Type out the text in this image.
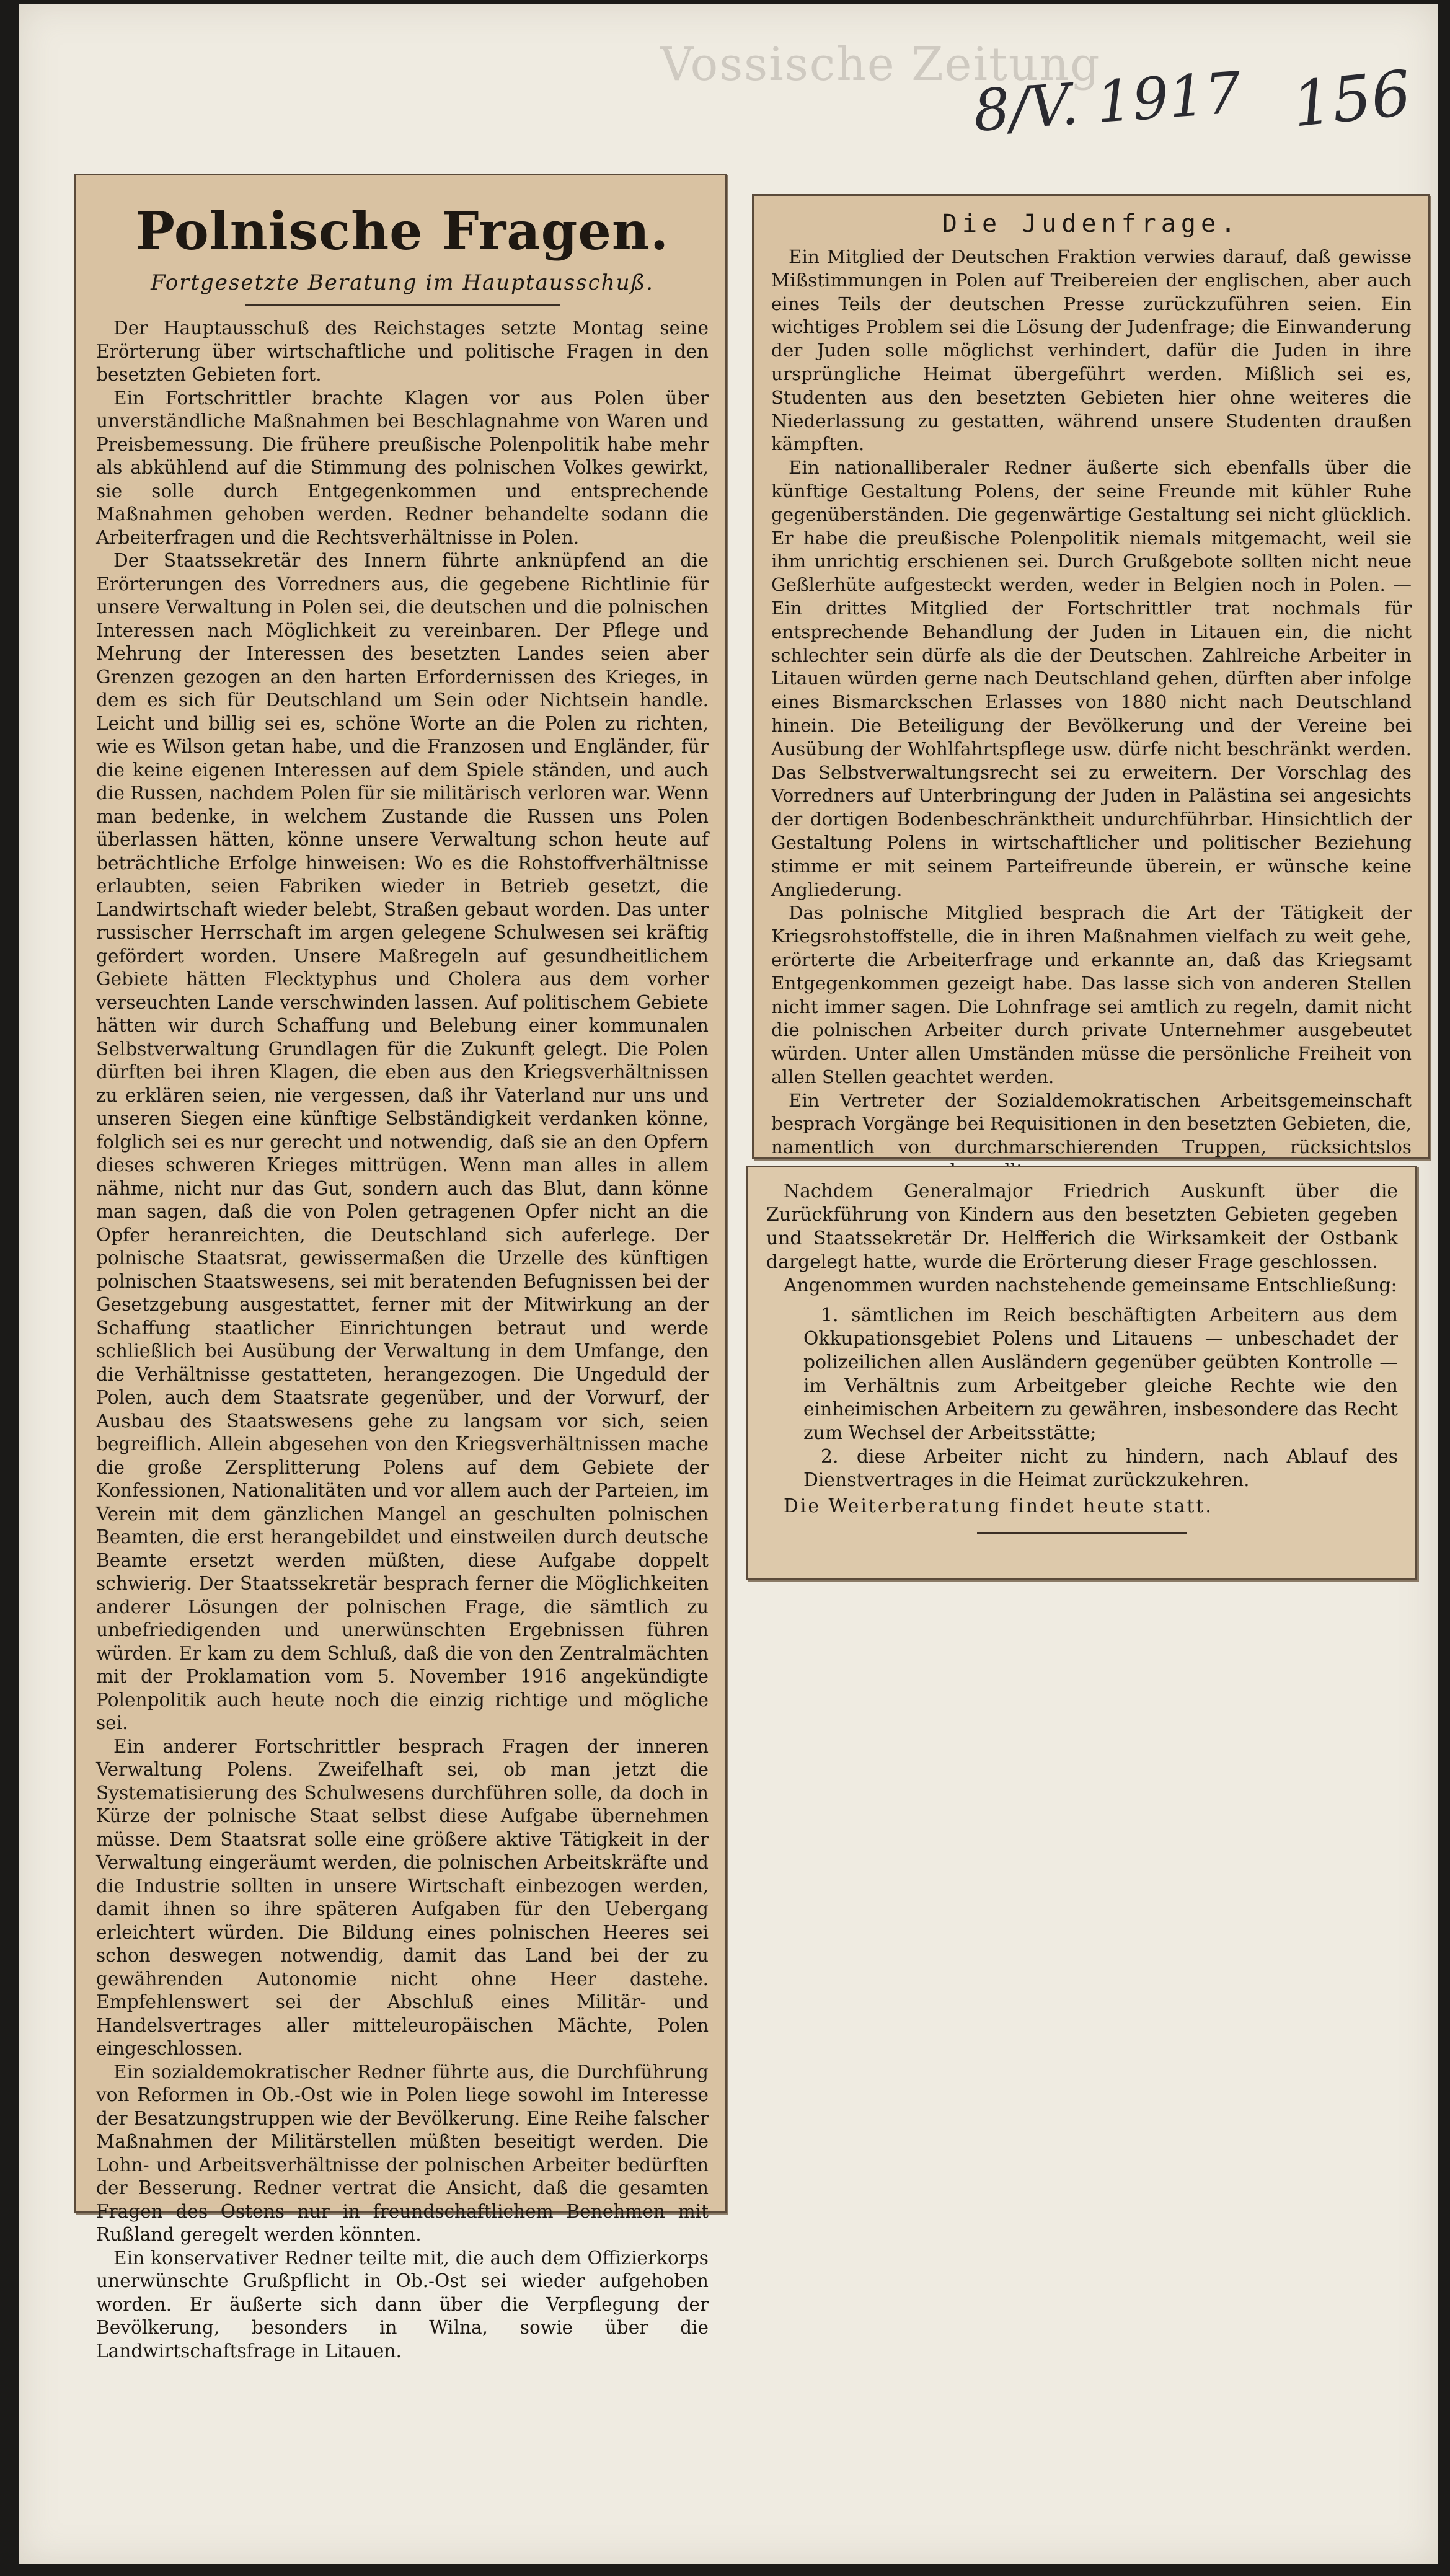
Vossische Zeitung
8/V. 1917 156
Polnische Fragen.
Fortgesetzte Beratung im Hauptausschuß.

Der Hauptausschuß des Reichstages setzte Montag seine Erörterung über wirtschaftliche und politische Fragen in den besetzten Gebieten fort.

Ein Fortschrittler brachte Klagen vor aus Polen über unverständliche Maßnahmen bei Beschlagnahme von Waren und Preisbemessung. Die frühere preußische Polenpolitik habe mehr als abkühlend auf die Stimmung des polnischen Volkes gewirkt, sie solle durch Entgegenkommen und entsprechende Maßnahmen gehoben werden. Redner behandelte sodann die Arbeiterfragen und die Rechtsverhältnisse in Polen.

Der Staatssekretär des Innern führte anknüpfend an die Erörterungen des Vorredners aus, die gegebene Richtlinie für unsere Verwaltung in Polen sei, die deutschen und die polnischen Interessen nach Möglichkeit zu vereinbaren. Der Pflege und Mehrung der Interessen des besetzten Landes seien aber Grenzen gezogen an den harten Erfordernissen des Krieges, in dem es sich für Deutschland um Sein oder Nichtsein handle. Leicht und billig sei es, schöne Worte an die Polen zu richten, wie es Wilson getan habe, und die Franzosen und Engländer, für die keine eigenen Interessen auf dem Spiele ständen, und auch die Russen, nachdem Polen für sie militärisch verloren war. Wenn man bedenke, in welchem Zustande die Russen uns Polen überlassen hätten, könne unsere Verwaltung schon heute auf beträchtliche Erfolge hinweisen: Wo es die Rohstoffverhältnisse erlaubten, seien Fabriken wieder in Betrieb gesetzt, die Landwirtschaft wieder belebt, Straßen gebaut worden. Das unter russischer Herrschaft im argen gelegene Schulwesen sei kräftig gefördert worden. Unsere Maßregeln auf gesundheitlichem Gebiete hätten Flecktyphus und Cholera aus dem vorher verseuchten Lande verschwinden lassen. Auf politischem Gebiete hätten wir durch Schaffung und Belebung einer kommunalen Selbstverwaltung Grundlagen für die Zukunft gelegt. Die Polen dürften bei ihren Klagen, die eben aus den Kriegsverhältnissen zu erklären seien, nie vergessen, daß ihr Vaterland nur uns und unseren Siegen eine künftige Selbständigkeit verdanken könne, folglich sei es nur gerecht und notwendig, daß sie an den Opfern dieses schweren Krieges mittrügen. Wenn man alles in allem nähme, nicht nur das Gut, sondern auch das Blut, dann könne man sagen, daß die von Polen getragenen Opfer nicht an die Opfer heranreichten, die Deutschland sich auferlege. Der polnische Staatsrat, gewissermaßen die Urzelle des künftigen polnischen Staatswesens, sei mit beratenden Befugnissen bei der Gesetzgebung ausgestattet, ferner mit der Mitwirkung an der Schaffung staatlicher Einrichtungen betraut und werde schließlich bei Ausübung der Verwaltung in dem Umfange, den die Verhältnisse gestatteten, herangezogen. Die Ungeduld der Polen, auch dem Staatsrate gegenüber, und der Vorwurf, der Ausbau des Staatswesens gehe zu langsam vor sich, seien begreiflich. Allein abgesehen von den Kriegsverhältnissen mache die große Zersplitterung Polens auf dem Gebiete der Konfessionen, Nationalitäten und vor allem auch der Parteien, im Verein mit dem gänzlichen Mangel an geschulten polnischen Beamten, die erst herangebildet und einstweilen durch deutsche Beamte ersetzt werden müßten, diese Aufgabe doppelt schwierig. Der Staatssekretär besprach ferner die Möglichkeiten anderer Lösungen der polnischen Frage, die sämtlich zu unbefriedigenden und unerwünschten Ergebnissen führen würden. Er kam zu dem Schluß, daß die von den Zentralmächten mit der Proklamation vom 5. November 1916 angekündigte Polenpolitik auch heute noch die einzig richtige und mögliche sei.

Ein anderer Fortschrittler besprach Fragen der inneren Verwaltung Polens. Zweifelhaft sei, ob man jetzt die Systematisierung des Schulwesens durchführen solle, da doch in Kürze der polnische Staat selbst diese Aufgabe übernehmen müsse. Dem Staatsrat solle eine größere aktive Tätigkeit in der Verwaltung eingeräumt werden, die polnischen Arbeitskräfte und die Industrie sollten in unsere Wirtschaft einbezogen werden, damit ihnen so ihre späteren Aufgaben für den Uebergang erleichtert würden. Die Bildung eines polnischen Heeres sei schon deswegen notwendig, damit das Land bei der zu gewährenden Autonomie nicht ohne Heer dastehe. Empfehlenswert sei der Abschluß eines Militär- und Handelsvertrages aller mitteleuropäischen Mächte, Polen eingeschlossen.

Ein sozialdemokratischer Redner führte aus, die Durchführung von Reformen in Ob.-Ost wie in Polen liege sowohl im Interesse der Besatzungstruppen wie der Bevölkerung. Eine Reihe falscher Maßnahmen der Militärstellen müßten beseitigt werden. Die Lohn- und Arbeitsverhältnisse der polnischen Arbeiter bedürften der Besserung. Redner vertrat die Ansicht, daß die gesamten Fragen des Ostens nur in freundschaftlichem Benehmen mit Rußland geregelt werden könnten.

Ein konservativer Redner teilte mit, die auch dem Offizierkorps unerwünschte Grußpflicht in Ob.-Ost sei wieder aufgehoben worden. Er äußerte sich dann über die Verpflegung der Bevölkerung, besonders in Wilna, sowie über die Landwirtschaftsfrage in Litauen.

Die Judenfrage.

Ein Mitglied der Deutschen Fraktion verwies darauf, daß gewisse Mißstimmungen in Polen auf Treibereien der englischen, aber auch eines Teils der deutschen Presse zurückzuführen seien. Ein wichtiges Problem sei die Lösung der Judenfrage; die Einwanderung der Juden solle möglichst verhindert, dafür die Juden in ihre ursprüngliche Heimat übergeführt werden. Mißlich sei es, Studenten aus den besetzten Gebieten hier ohne weiteres die Niederlassung zu gestatten, während unsere Studenten draußen kämpften.

Ein nationalliberaler Redner äußerte sich ebenfalls über die künftige Gestaltung Polens, der seine Freunde mit kühler Ruhe gegenüberständen. Die gegenwärtige Gestaltung sei nicht glücklich. Er habe die preußische Polenpolitik niemals mitgemacht, weil sie ihm unrichtig erschienen sei. Durch Grußgebote sollten nicht neue Geßlerhüte aufgesteckt werden, weder in Belgien noch in Polen. — Ein drittes Mitglied der Fortschrittler trat nochmals für entsprechende Behandlung der Juden in Litauen ein, die nicht schlechter sein dürfe als die der Deutschen. Zahlreiche Arbeiter in Litauen würden gerne nach Deutschland gehen, dürften aber infolge eines Bismarckschen Erlasses von 1880 nicht nach Deutschland hinein. Die Beteiligung der Bevölkerung und der Vereine bei Ausübung der Wohlfahrtspflege usw. dürfe nicht beschränkt werden. Das Selbstverwaltungsrecht sei zu erweitern. Der Vorschlag des Vorredners auf Unterbringung der Juden in Palästina sei angesichts der dortigen Bodenbeschränktheit undurchführbar. Hinsichtlich der Gestaltung Polens in wirtschaftlicher und politischer Beziehung stimme er mit seinem Parteifreunde überein, er wünsche keine Angliederung.

Das polnische Mitglied besprach die Art der Tätigkeit der Kriegsrohstoffstelle, die in ihren Maßnahmen vielfach zu weit gehe, erörterte die Arbeiterfrage und erkannte an, daß das Kriegsamt Entgegenkommen gezeigt habe. Das lasse sich von anderen Stellen nicht immer sagen. Die Lohnfrage sei amtlich zu regeln, damit nicht die polnischen Arbeiter durch private Unternehmer ausgebeutet würden. Unter allen Umständen müsse die persönliche Freiheit von allen Stellen geachtet werden.

Ein Vertreter der Sozialdemokratischen Arbeitsgemeinschaft besprach Vorgänge bei Requisitionen in den besetzten Gebieten, die, namentlich von durchmarschierenden Truppen, rücksichtslos

Nachdem Generalmajor Friedrich Auskunft über die Zurückführung von Kindern aus den besetzten Gebieten gegeben und Staatssekretär Dr. Helfferich die Wirksamkeit der Ostbank dargelegt hatte, wurde die Erörterung dieser Frage geschlossen.

Angenommen wurden nachstehende gemeinsame Entschließung:

1. sämtlichen im Reich beschäftigten Arbeitern aus dem Okkupationsgebiet Polens und Litauens — unbeschadet der polizeilichen allen Ausländern gegenüber geübten Kontrolle — im Verhältnis zum Arbeitgeber gleiche Rechte wie den einheimischen Arbeitern zu gewähren, insbesondere das Recht zum Wechsel der Arbeitsstätte;
2. diese Arbeiter nicht zu hindern, nach Ablauf des Dienstvertrages in die Heimat zurückzukehren.

Die Weiterberatung findet heute statt.
